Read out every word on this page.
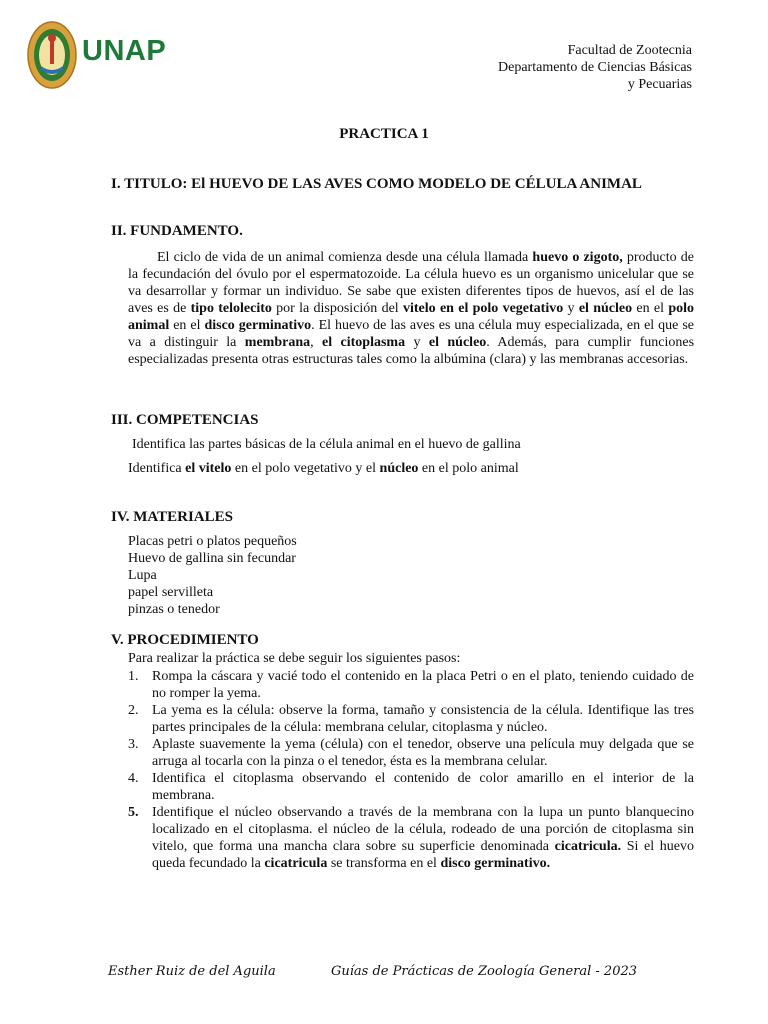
UNAP	Facultad de Zootecnia
Departamento de Ciencias Básicas
y Pecuarias
PRACTICA 1
I. TITULO: El HUEVO DE LAS AVES COMO MODELO DE CÉLULA ANIMAL
II. FUNDAMENTO.
El ciclo de vida de un animal comienza desde una célula llamada huevo o zigoto, producto de la fecundación del óvulo por el espermatozoide. La célula huevo es un organismo unicelular que se va desarrollar y formar un individuo. Se sabe que existen diferentes tipos de huevos, así el de las aves es de tipo telolecito por la disposición del vitelo en el polo vegetativo y el núcleo en el polo animal en el disco germinativo. El huevo de las aves es una célula muy especializada, en el que se va a distinguir la membrana, el citoplasma y el núcleo. Además, para cumplir funciones especializadas presenta otras estructuras tales como la albúmina (clara) y las membranas accesorias.
III. COMPETENCIAS
Identifica las partes básicas de la célula animal en el huevo de gallina
Identifica el vitelo en el polo vegetativo y el núcleo en el polo animal
IV. MATERIALES
Placas petri o platos pequeños
Huevo de gallina sin fecundar
Lupa
papel servilleta
pinzas o tenedor
V. PROCEDIMIENTO
Para realizar la práctica se debe seguir los siguientes pasos:
1. Rompa la cáscara y vacié todo el contenido en la placa Petri o en el plato, teniendo cuidado de no romper la yema.
2. La yema es la célula: observe la forma, tamaño y consistencia de la célula. Identifique las tres partes principales de la célula: membrana celular, citoplasma y núcleo.
3. Aplaste suavemente la yema (célula) con el tenedor, observe una película muy delgada que se arruga al tocarla con la pinza o el tenedor, ésta es la membrana celular.
4. Identifica el citoplasma observando el contenido de color amarillo en el interior de la membrana.
5. Identifique el núcleo observando a través de la membrana con la lupa un punto blanquecino localizado en el citoplasma. el núcleo de la célula, rodeado de una porción de citoplasma sin vitelo, que forma una mancha clara sobre su superficie denominada cicatricula. Si el huevo queda fecundado la cicatricula se transforma en el disco germinativo.
Esther Ruiz de del Aguila	Guías de Prácticas de Zoología General - 2023
